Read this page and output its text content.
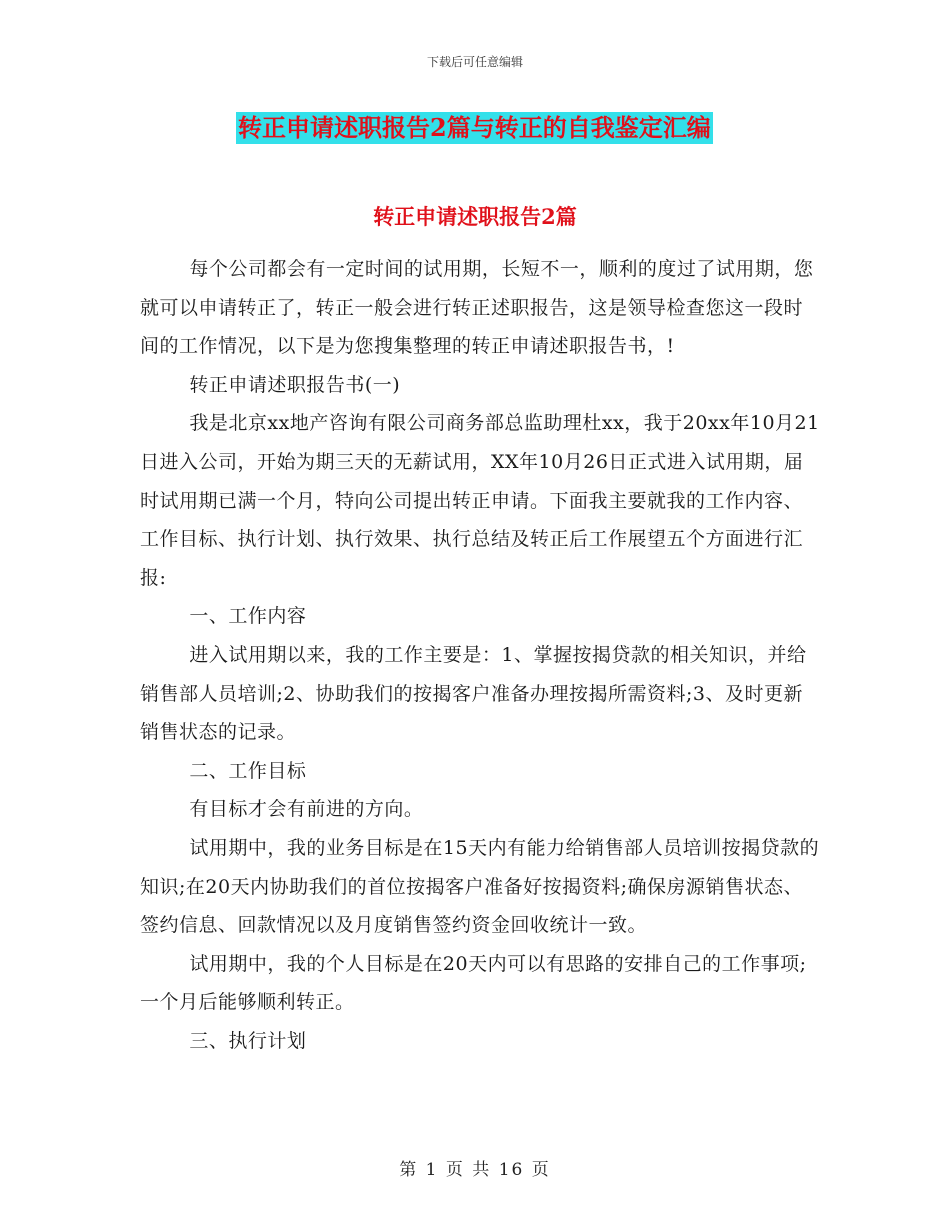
下载后可任意编辑
转正申请述职报告2篇与转正的自我鉴定汇编
转正申请述职报告2篇

每个公司都会有一定时间的试用期，长短不一，顺利的度过了试用期，您就可以申请转正了，转正一般会进行转正述职报告，这是领导检查您这一段时间的工作情况，以下是为您搜集整理的转正申请述职报告书，!

转正申请述职报告书(一)

我是北京xx地产咨询有限公司商务部总监助理杜xx，我于20xx年10月21日进入公司，开始为期三天的无薪试用，XX年10月26日正式进入试用期，届时试用期已满一个月，特向公司提出转正申请。下面我主要就我的工作内容、工作目标、执行计划、执行效果、执行总结及转正后工作展望五个方面进行汇报:

一、工作内容

进入试用期以来，我的工作主要是：1、掌握按揭贷款的相关知识，并给销售部人员培训;2、协助我们的按揭客户准备办理按揭所需资料;3、及时更新销售状态的记录。

二、工作目标

有目标才会有前进的方向。

试用期中，我的业务目标是在15天内有能力给销售部人员培训按揭贷款的知识;在20天内协助我们的首位按揭客户准备好按揭资料;确保房源销售状态、签约信息、回款情况以及月度销售签约资金回收统计一致。

试用期中，我的个人目标是在20天内可以有思路的安排自己的工作事项;一个月后能够顺利转正。

三、执行计划

第 1 页 共 16 页
